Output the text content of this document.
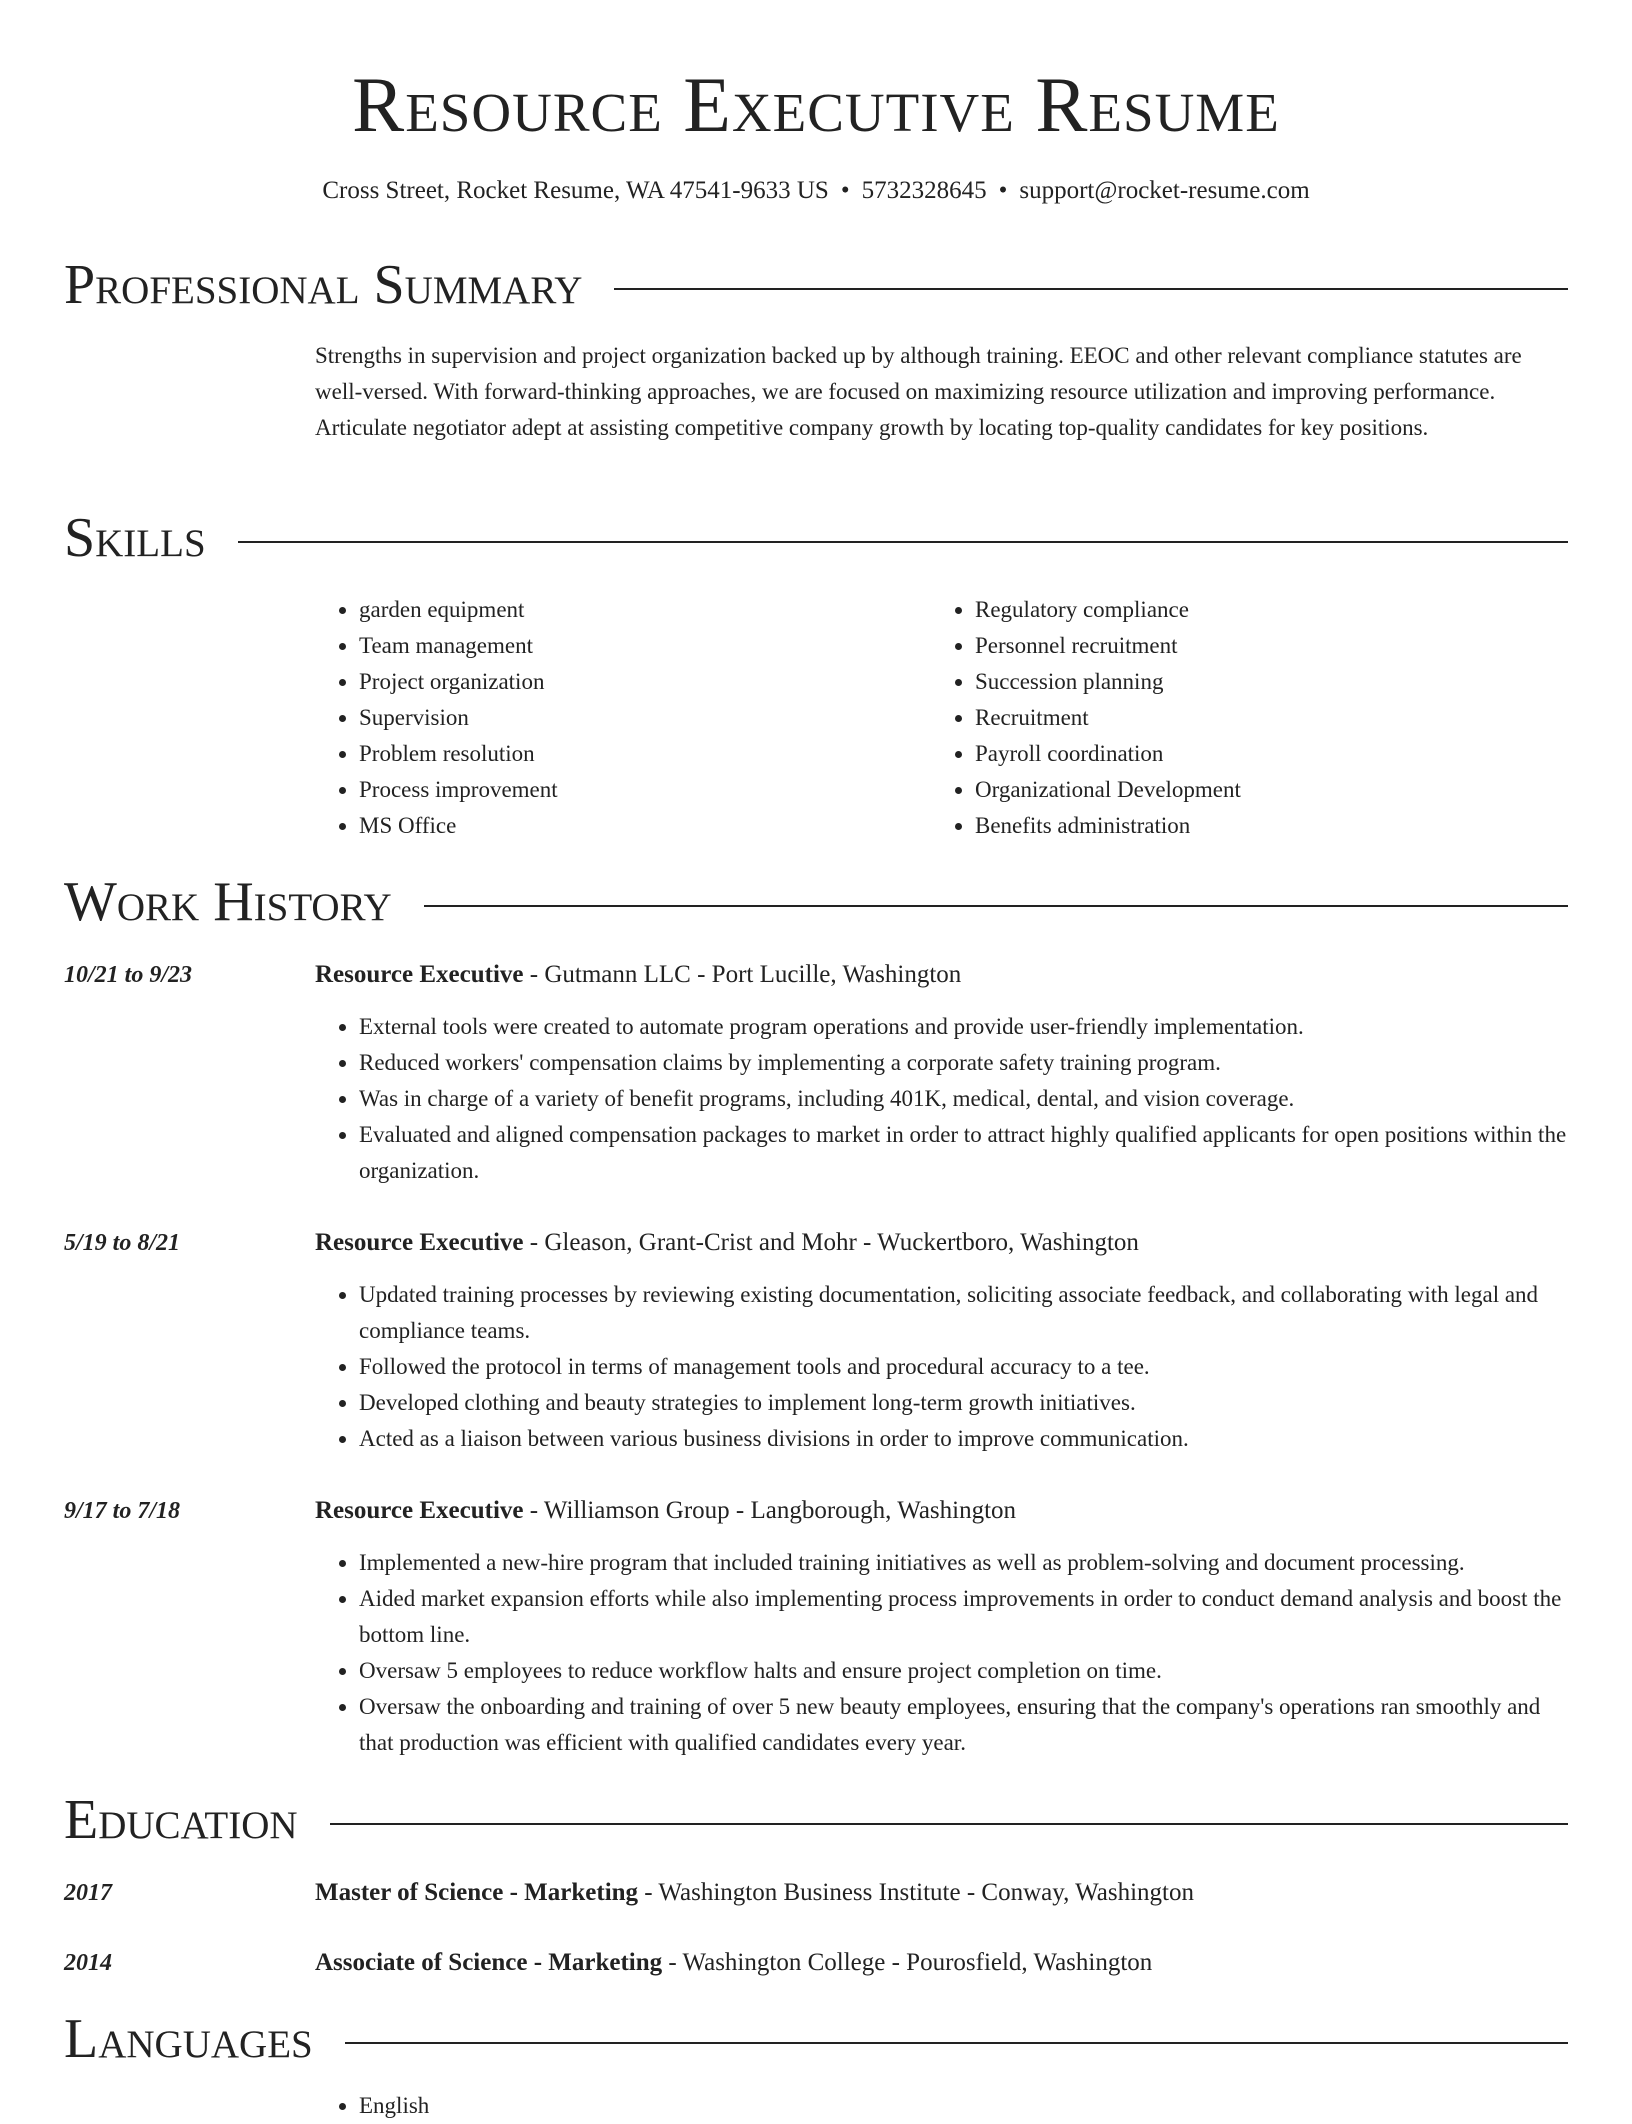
Resource Executive Resume
Cross Street, Rocket Resume, WA 47541-9633 US • 5732328645 • support@rocket-resume.com
Professional Summary
Strengths in supervision and project organization backed up by although training. EEOC and other relevant compliance statutes are well-versed. With forward-thinking approaches, we are focused on maximizing resource utilization and improving performance. Articulate negotiator adept at assisting competitive company growth by locating top-quality candidates for key positions.
Skills
• garden equipment
• Team management
• Project organization
• Supervision
• Problem resolution
• Process improvement
• MS Office
• Regulatory compliance
• Personnel recruitment
• Succession planning
• Recruitment
• Payroll coordination
• Organizational Development
• Benefits administration
Work History
10/21 to 9/23	Resource Executive - Gutmann LLC - Port Lucille, Washington
• External tools were created to automate program operations and provide user-friendly implementation.
• Reduced workers' compensation claims by implementing a corporate safety training program.
• Was in charge of a variety of benefit programs, including 401K, medical, dental, and vision coverage.
• Evaluated and aligned compensation packages to market in order to attract highly qualified applicants for open positions within the organization.
5/19 to 8/21	Resource Executive - Gleason, Grant-Crist and Mohr - Wuckertboro, Washington
• Updated training processes by reviewing existing documentation, soliciting associate feedback, and collaborating with legal and compliance teams.
• Followed the protocol in terms of management tools and procedural accuracy to a tee.
• Developed clothing and beauty strategies to implement long-term growth initiatives.
• Acted as a liaison between various business divisions in order to improve communication.
9/17 to 7/18	Resource Executive - Williamson Group - Langborough, Washington
• Implemented a new-hire program that included training initiatives as well as problem-solving and document processing.
• Aided market expansion efforts while also implementing process improvements in order to conduct demand analysis and boost the bottom line.
• Oversaw 5 employees to reduce workflow halts and ensure project completion on time.
• Oversaw the onboarding and training of over 5 new beauty employees, ensuring that the company's operations ran smoothly and that production was efficient with qualified candidates every year.
Education
2017	Master of Science - Marketing - Washington Business Institute - Conway, Washington
2014	Associate of Science - Marketing - Washington College - Pourosfield, Washington
Languages
• English
